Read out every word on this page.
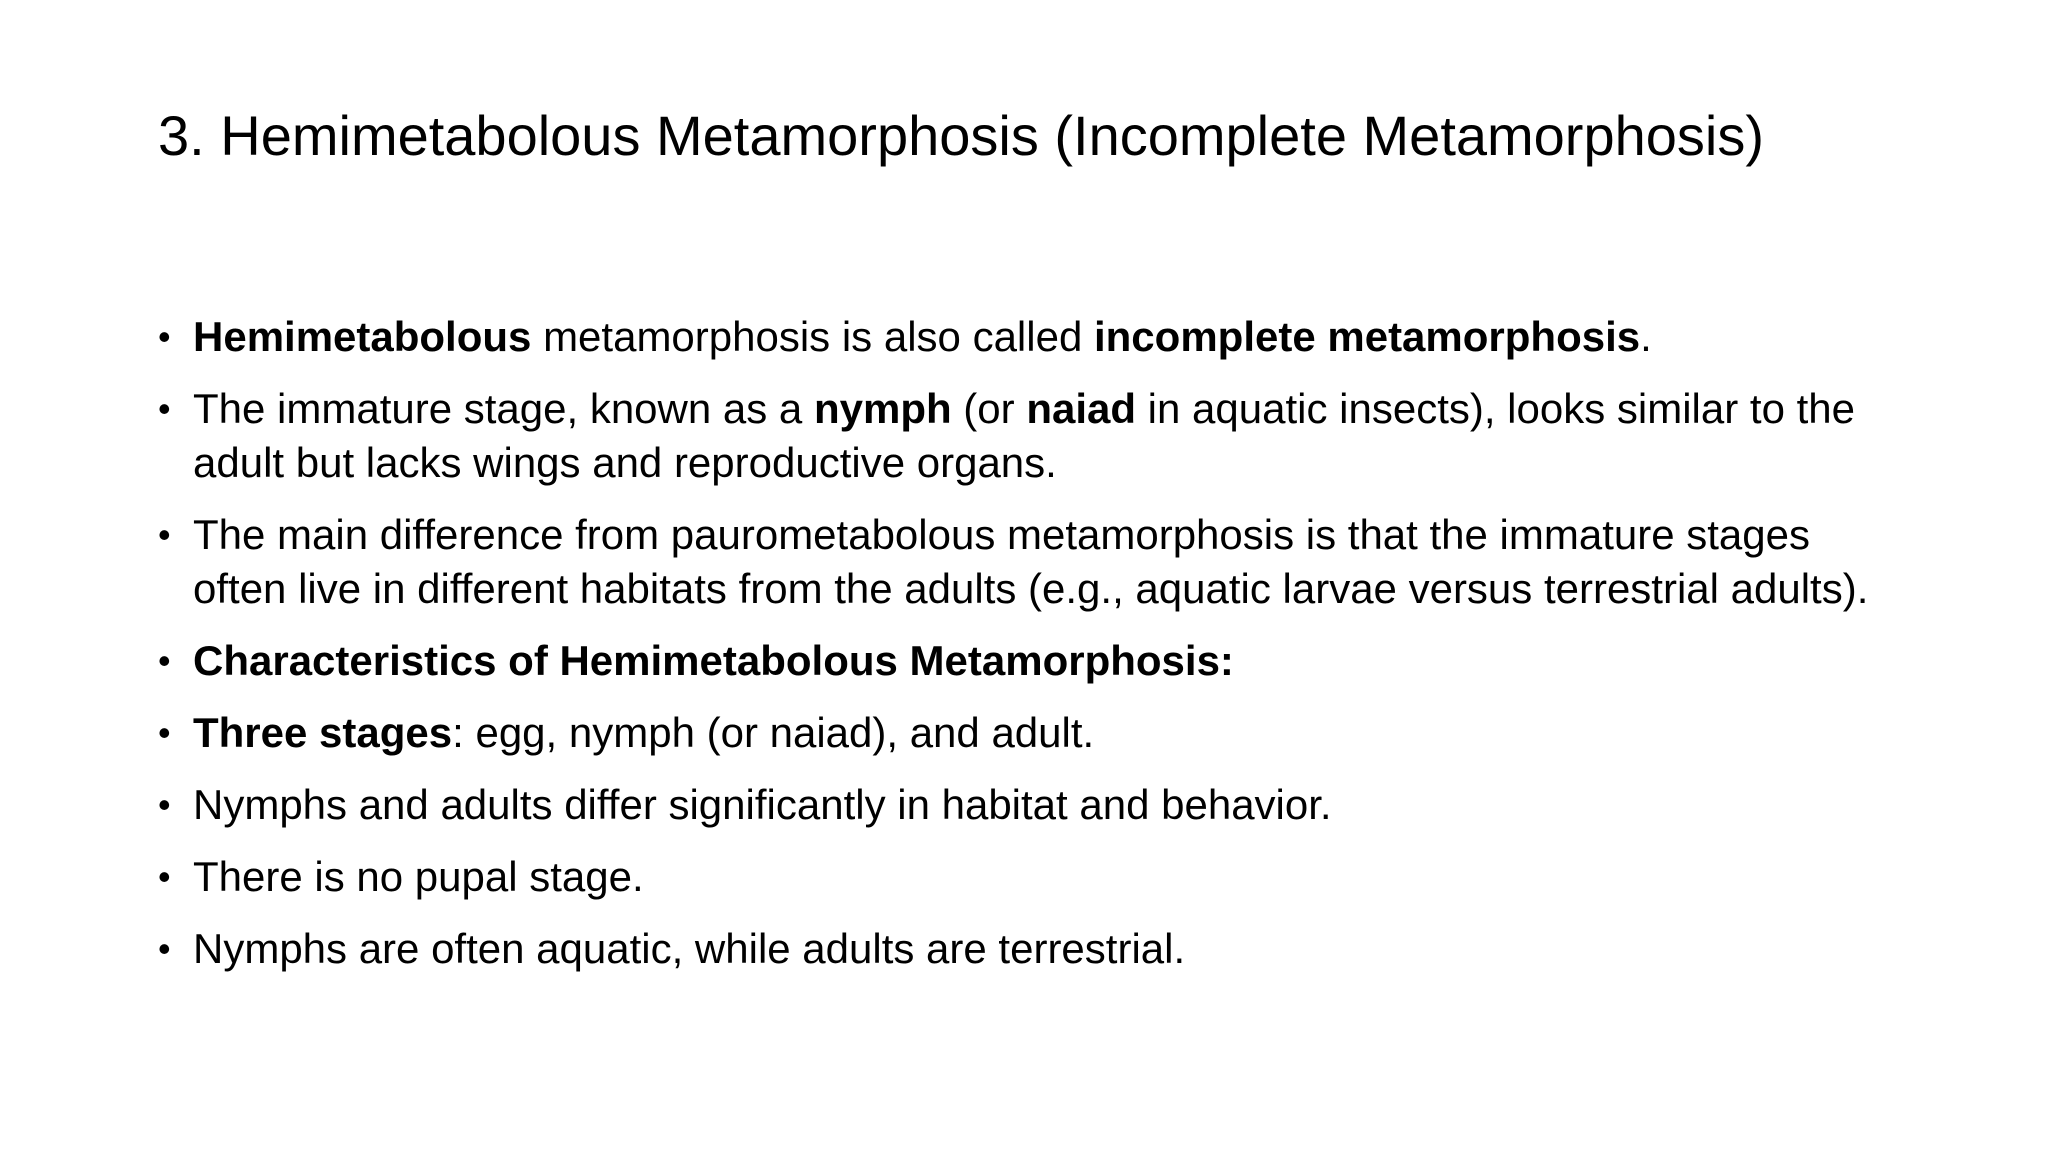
3. Hemimetabolous Metamorphosis (Incomplete Metamorphosis)
• Hemimetabolous metamorphosis is also called incomplete metamorphosis.
• The immature stage, known as a nymph (or naiad in aquatic insects), looks similar to the adult but lacks wings and reproductive organs.
• The main difference from paurometabolous metamorphosis is that the immature stages often live in different habitats from the adults (e.g., aquatic larvae versus terrestrial adults).
• Characteristics of Hemimetabolous Metamorphosis:
• Three stages: egg, nymph (or naiad), and adult.
• Nymphs and adults differ significantly in habitat and behavior.
• There is no pupal stage.
• Nymphs are often aquatic, while adults are terrestrial.
